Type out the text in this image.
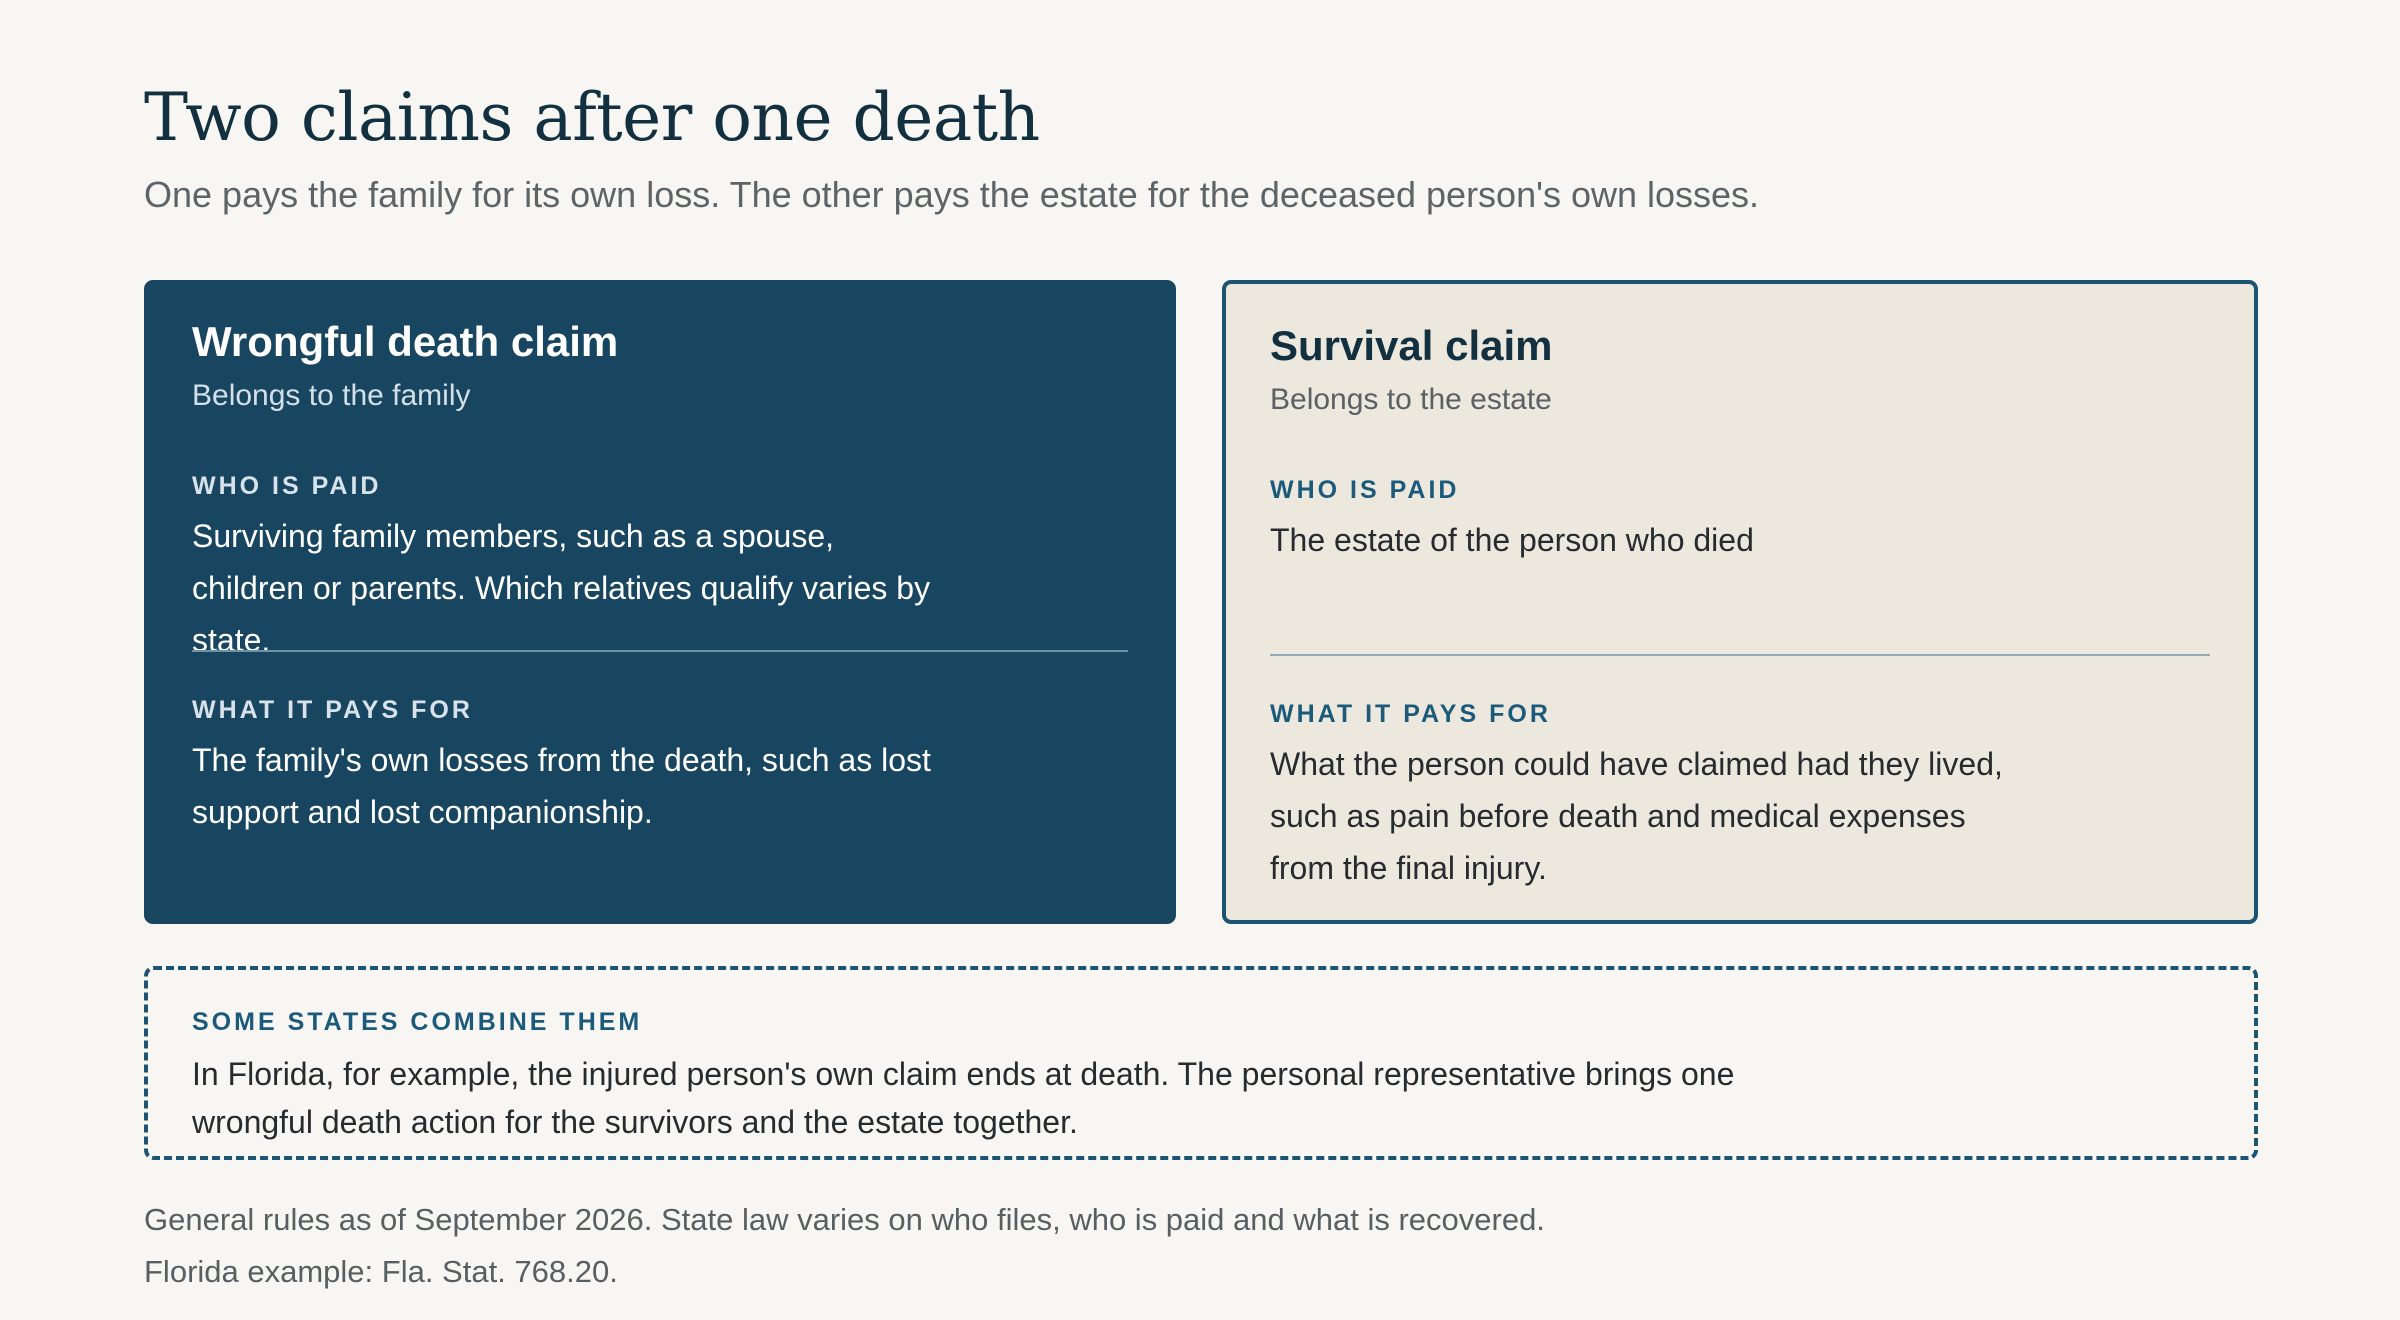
Two claims after one death

One pays the family for its own loss. The other pays the estate for the deceased person's own losses.

Wrongful death claim
Belongs to the family
WHO IS PAID

Surviving family members, such as a spouse, children or parents. Which relatives qualify varies by state.

WHAT IT PAYS FOR

The family's own losses from the death, such as lost support and lost companionship.

Survival claim
Belongs to the estate
WHO IS PAID

The estate of the person who died

WHAT IT PAYS FOR

What the person could have claimed had they lived, such as pain before death and medical expenses from the final injury.

SOME STATES COMBINE THEM

In Florida, for example, the injured person's own claim ends at death. The personal representative brings one wrongful death action for the survivors and the estate together.

General rules as of September 2026. State law varies on who files, who is paid and what is recovered.
Florida example: Fla. Stat. 768.20.
